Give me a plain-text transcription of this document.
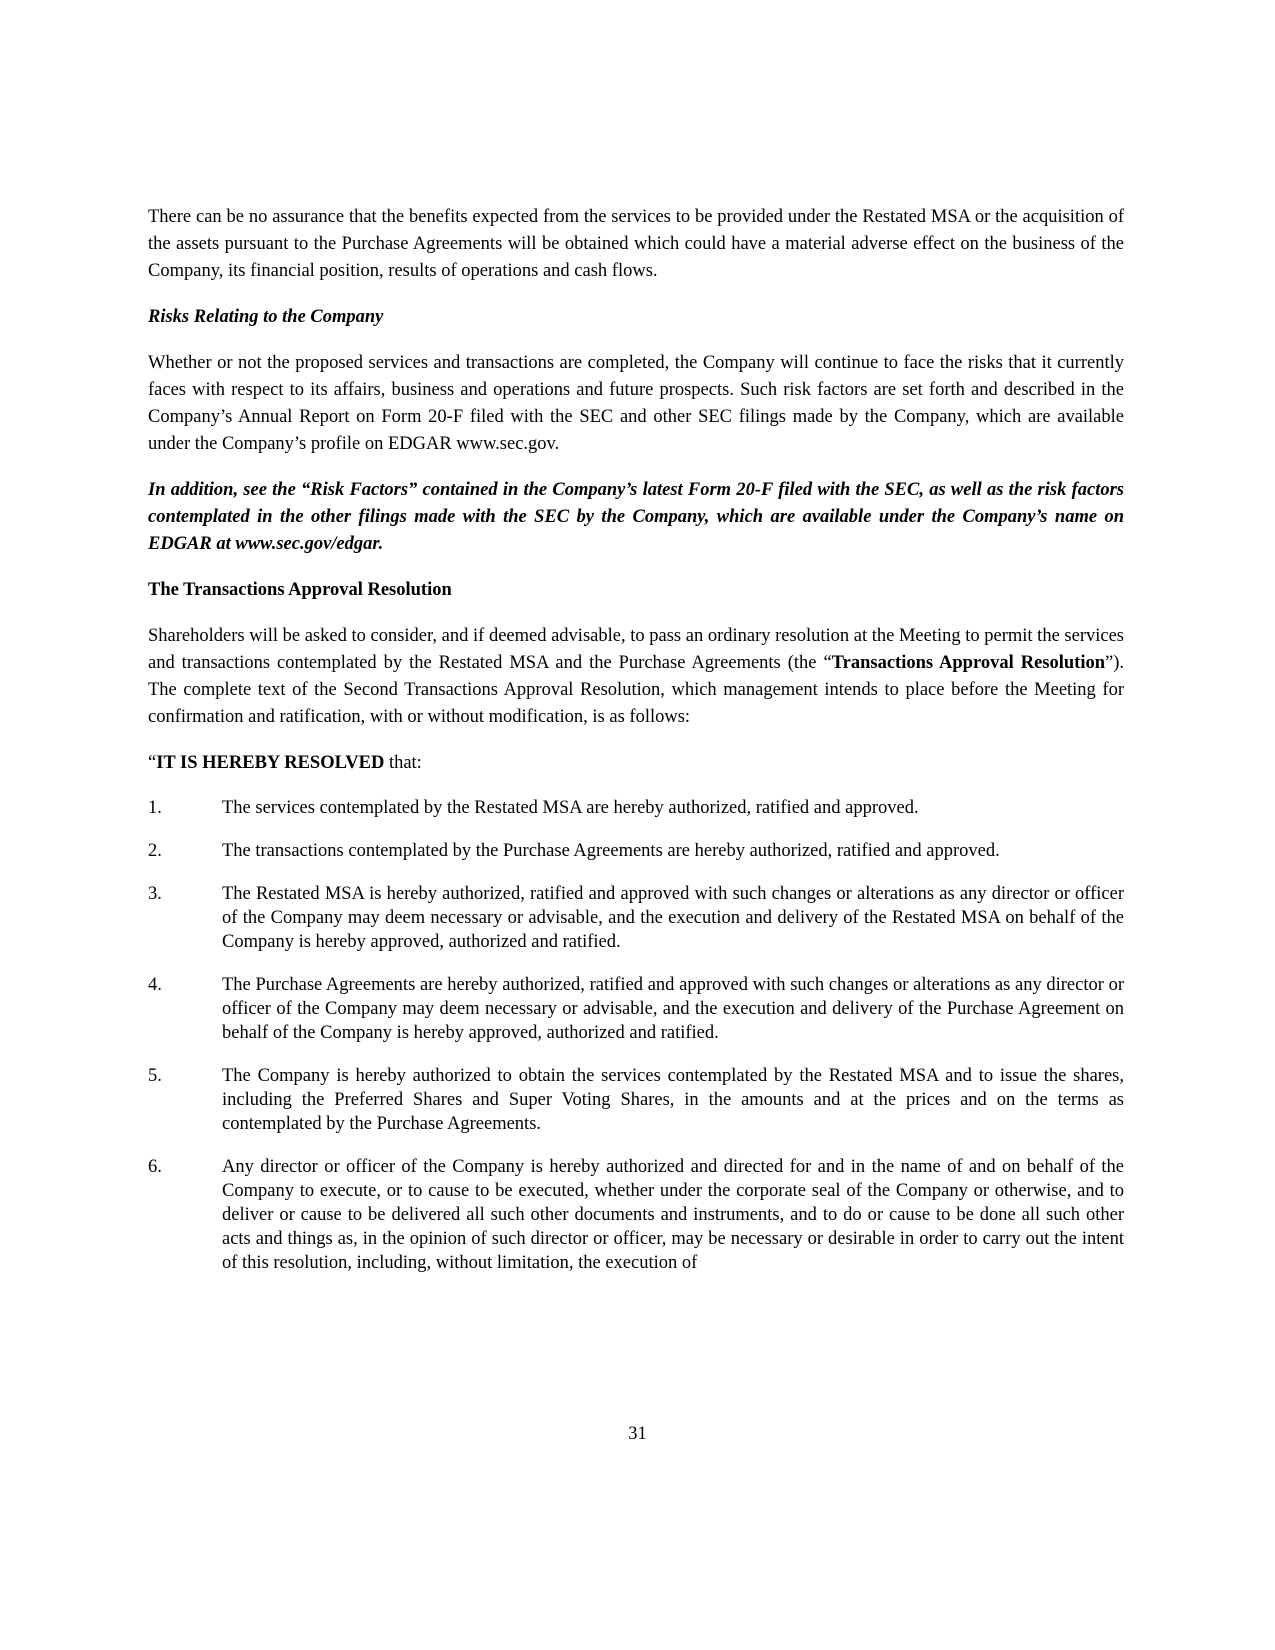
There can be no assurance that the benefits expected from the services to be provided under the Restated MSA or the acquisition of the assets pursuant to the Purchase Agreements will be obtained which could have a material adverse effect on the business of the Company, its financial position, results of operations and cash flows.

Risks Relating to the Company

Whether or not the proposed services and transactions are completed, the Company will continue to face the risks that it currently faces with respect to its affairs, business and operations and future prospects. Such risk factors are set forth and described in the Company’s Annual Report on Form 20-F filed with the SEC and other SEC filings made by the Company, which are available under the Company’s profile on EDGAR www.sec.gov.

In addition, see the “Risk Factors” contained in the Company’s latest Form 20-F filed with the SEC, as well as the risk factors contemplated in the other filings made with the SEC by the Company, which are available under the Company’s name on EDGAR at www.sec.gov/edgar.

The Transactions Approval Resolution

Shareholders will be asked to consider, and if deemed advisable, to pass an ordinary resolution at the Meeting to permit the services and transactions contemplated by the Restated MSA and the Purchase Agreements (the “Transactions Approval Resolution”). The complete text of the Second Transactions Approval Resolution, which management intends to place before the Meeting for confirmation and ratification, with or without modification, is as follows:

“IT IS HEREBY RESOLVED that:

1.	The services contemplated by the Restated MSA are hereby authorized, ratified and approved.
2.	The transactions contemplated by the Purchase Agreements are hereby authorized, ratified and approved.
3.	The Restated MSA is hereby authorized, ratified and approved with such changes or alterations as any director or officer of the Company may deem necessary or advisable, and the execution and delivery of the Restated MSA on behalf of the Company is hereby approved, authorized and ratified.
4.	The Purchase Agreements are hereby authorized, ratified and approved with such changes or alterations as any director or officer of the Company may deem necessary or advisable, and the execution and delivery of the Purchase Agreement on behalf of the Company is hereby approved, authorized and ratified.
5.	The Company is hereby authorized to obtain the services contemplated by the Restated MSA and to issue the shares, including the Preferred Shares and Super Voting Shares, in the amounts and at the prices and on the terms as contemplated by the Purchase Agreements.
6.	Any director or officer of the Company is hereby authorized and directed for and in the name of and on behalf of the Company to execute, or to cause to be executed, whether under the corporate seal of the Company or otherwise, and to deliver or cause to be delivered all such other documents and instruments, and to do or cause to be done all such other acts and things as, in the opinion of such director or officer, may be necessary or desirable in order to carry out the intent of this resolution, including, without limitation, the execution of
31
